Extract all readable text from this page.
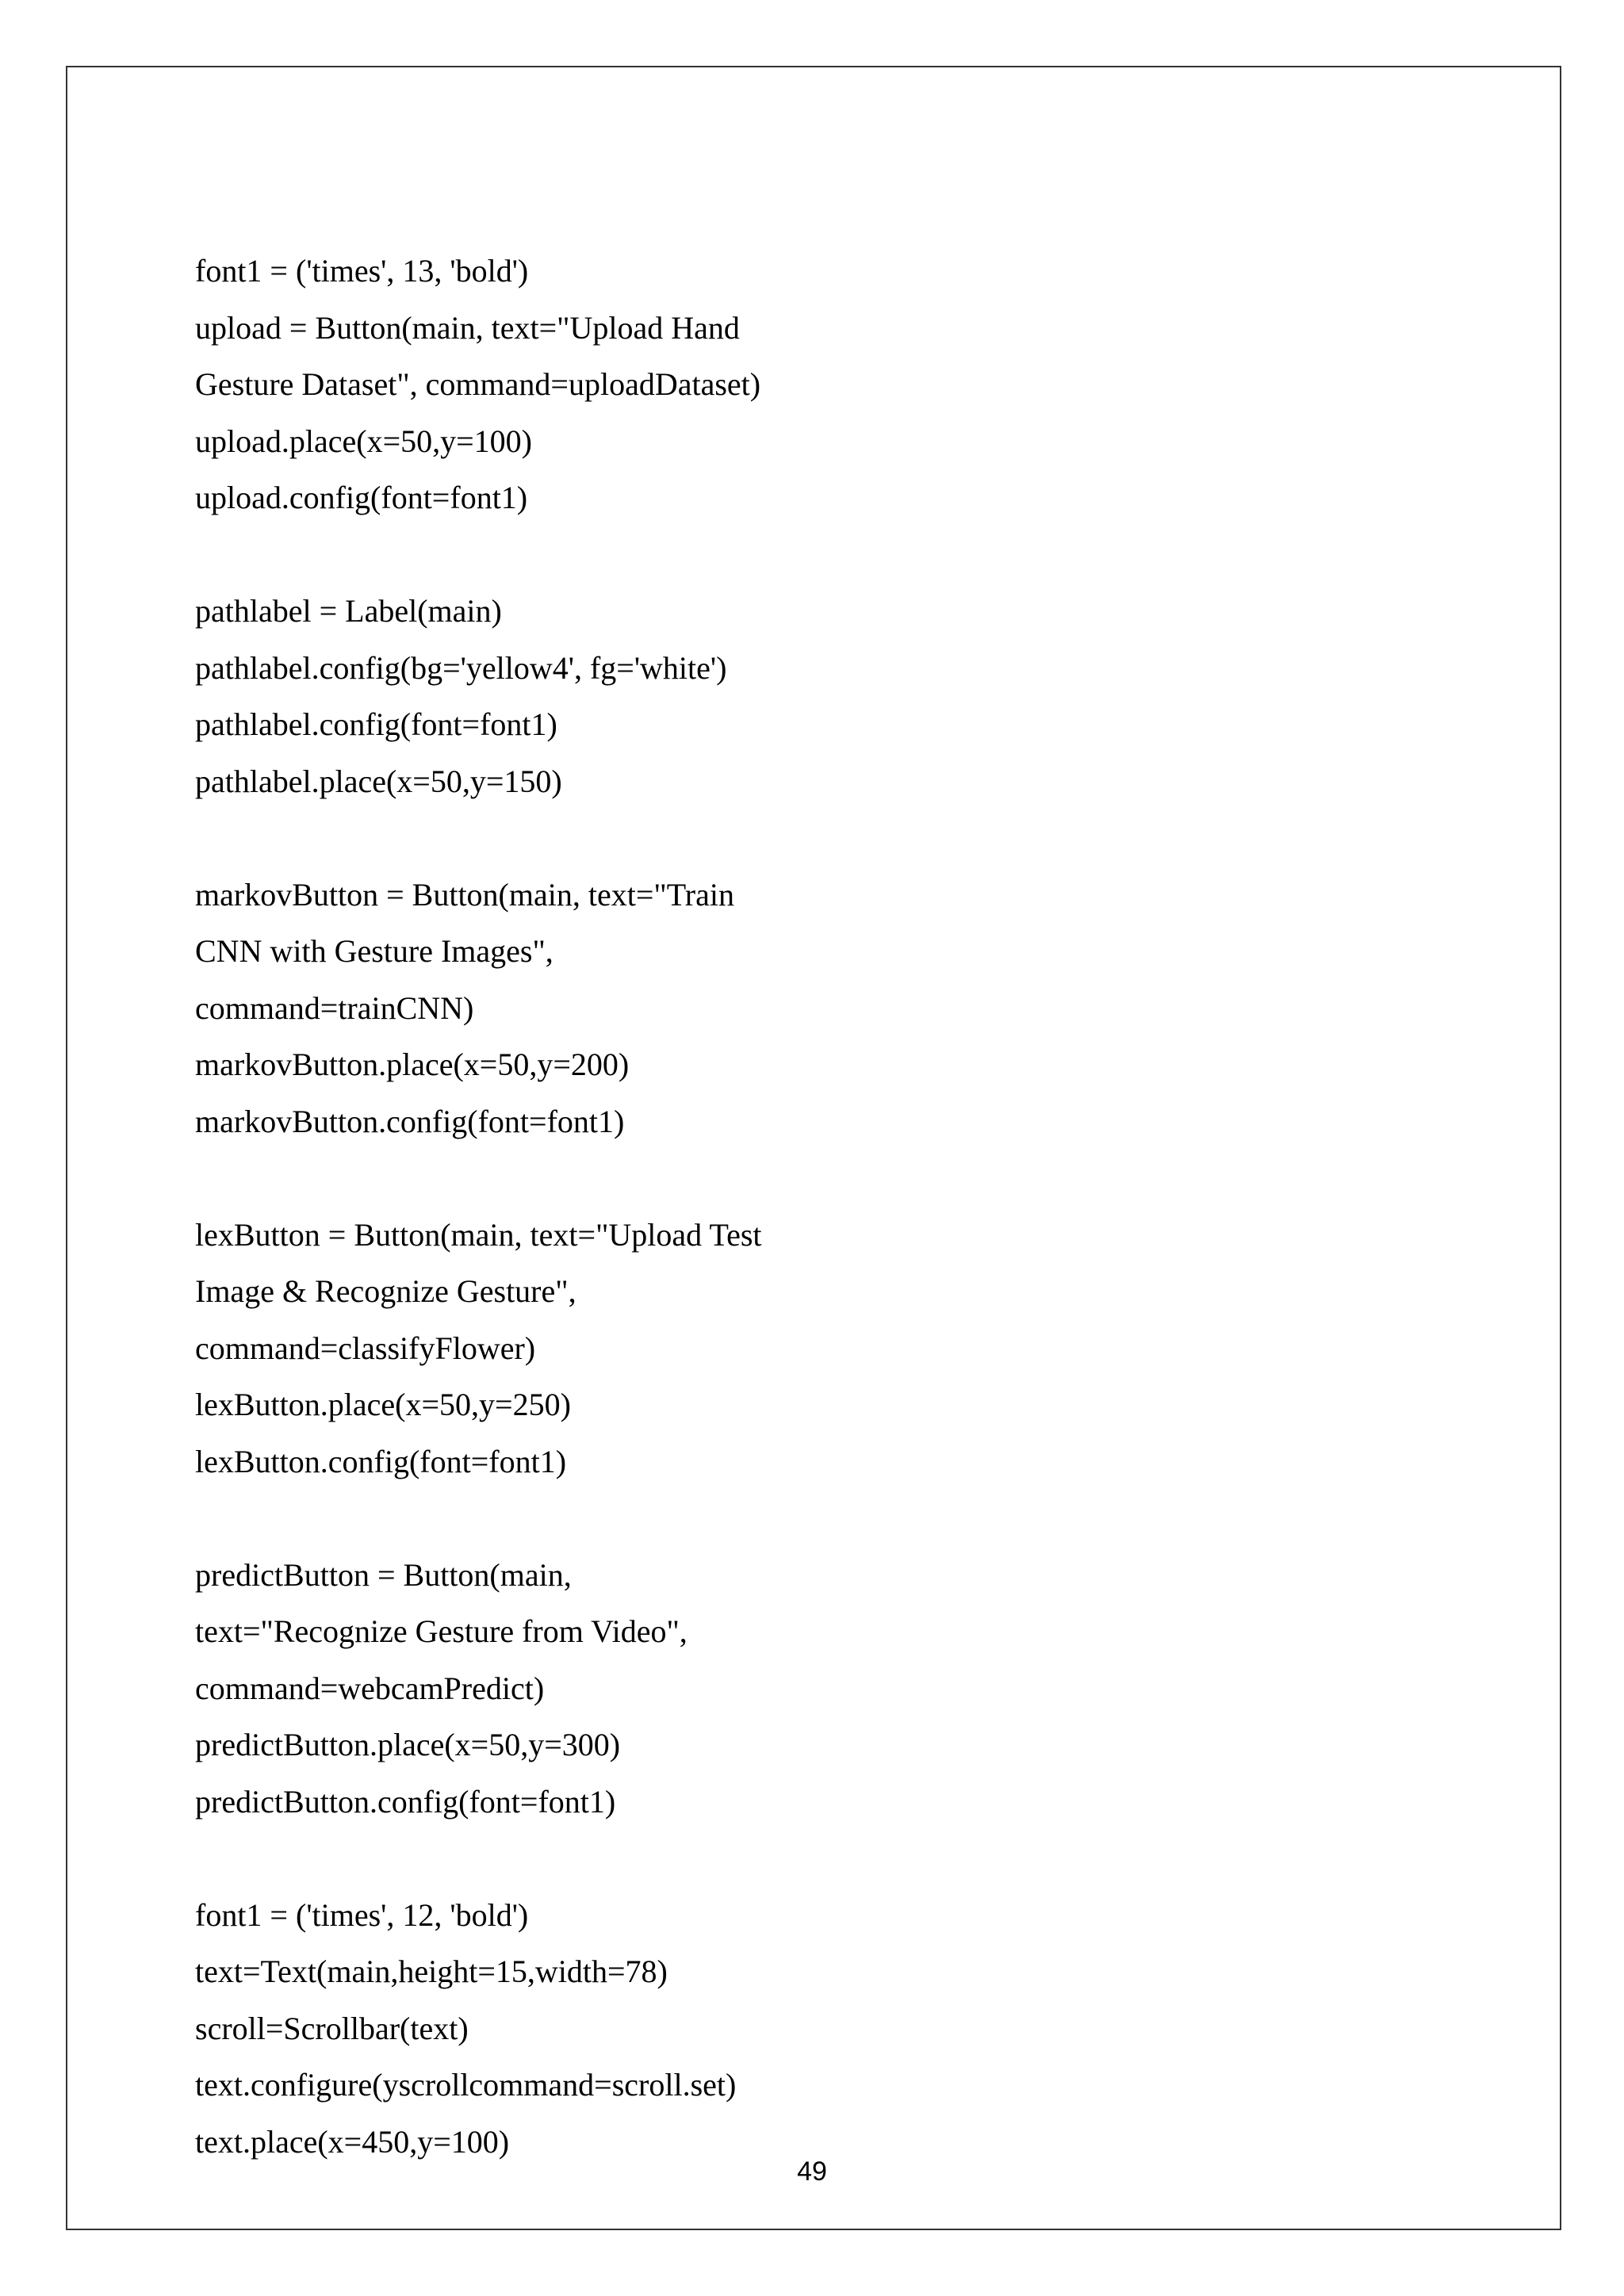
font1 = ('times', 13, 'bold')
upload = Button(main, text="Upload Hand
Gesture Dataset", command=uploadDataset)
upload.place(x=50,y=100)
upload.config(font=font1)
pathlabel = Label(main)
pathlabel.config(bg='yellow4', fg='white')
pathlabel.config(font=font1)
pathlabel.place(x=50,y=150)
markovButton = Button(main, text="Train
CNN with Gesture Images",
command=trainCNN)
markovButton.place(x=50,y=200)
markovButton.config(font=font1)
lexButton = Button(main, text="Upload Test
Image & Recognize Gesture",
command=classifyFlower)
lexButton.place(x=50,y=250)
lexButton.config(font=font1)
predictButton = Button(main,
text="Recognize Gesture from Video",
command=webcamPredict)
predictButton.place(x=50,y=300)
predictButton.config(font=font1)
font1 = ('times', 12, 'bold')
text=Text(main,height=15,width=78)
scroll=Scrollbar(text)
text.configure(yscrollcommand=scroll.set)
text.place(x=450,y=100)
49
